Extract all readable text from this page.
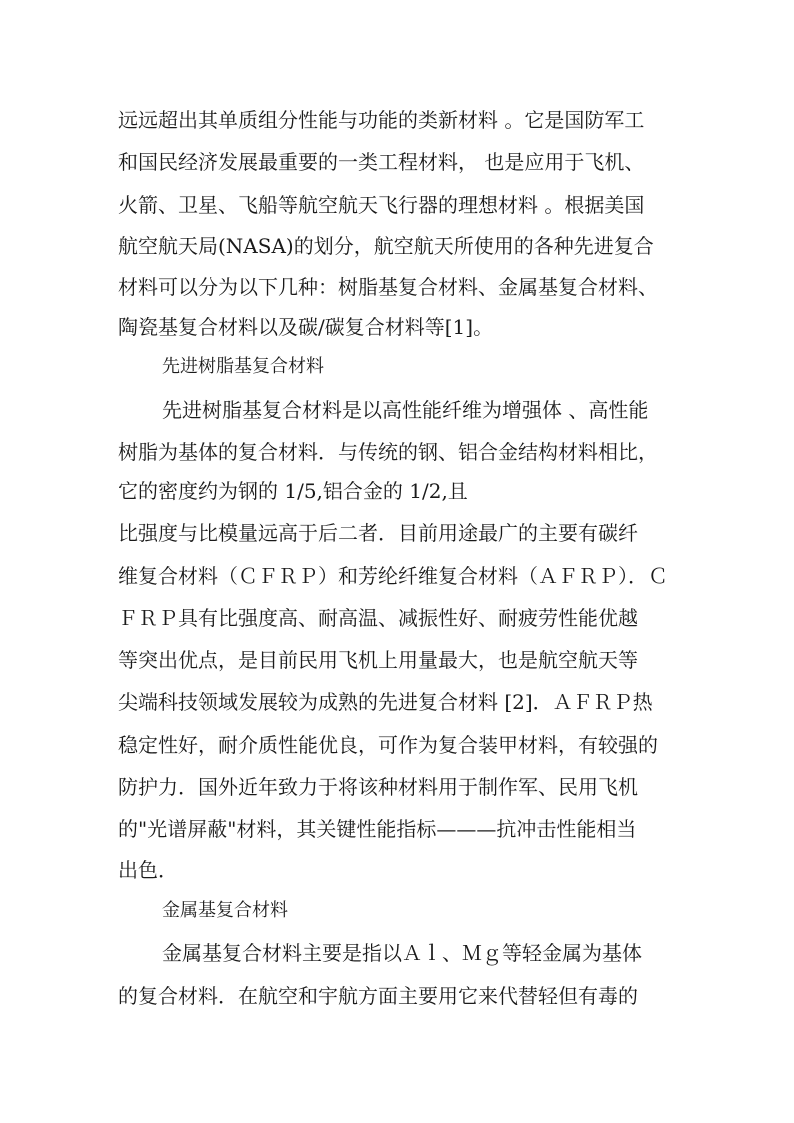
远远超出其单质组分性能与功能的类新材料 。它是国防军工
和国民经济发展最重要的一类工程材料， 也是应用于飞机、
火箭、卫星、飞船等航空航天飞行器的理想材料 。根据美国
航空航天局(NASA)的划分，航空航天所使用的各种先进复合
材料可以分为以下几种：树脂基复合材料、金属基复合材料、
陶瓷基复合材料以及碳/碳复合材料等[1]。
先进树脂基复合材料
先进树脂基复合材料是以高性能纤维为增强体 、高性能
树脂为基体的复合材料．与传统的钢、铝合金结构材料相比，
它的密度约为钢的 1/5,铝合金的 1/2,且
比强度与比模量远高于后二者．目前用途最广的主要有碳纤
维复合材料（ＣＦＲＰ）和芳纶纤维复合材料（ＡＦＲＰ）．Ｃ
ＦＲＰ具有比强度高、耐高温、减振性好、耐疲劳性能优越
等突出优点，是目前民用飞机上用量最大，也是航空航天等
尖端科技领域发展较为成熟的先进复合材料 [2]．ＡＦＲＰ热
稳定性好，耐介质性能优良，可作为复合装甲材料，有较强的
防护力．国外近年致力于将该种材料用于制作军、民用飞机
的"光谱屏蔽"材料，其关键性能指标———抗冲击性能相当
出色．
金属基复合材料
金属基复合材料主要是指以Ａｌ、Ｍｇ等轻金属为基体
的复合材料．在航空和宇航方面主要用它来代替轻但有毒的
